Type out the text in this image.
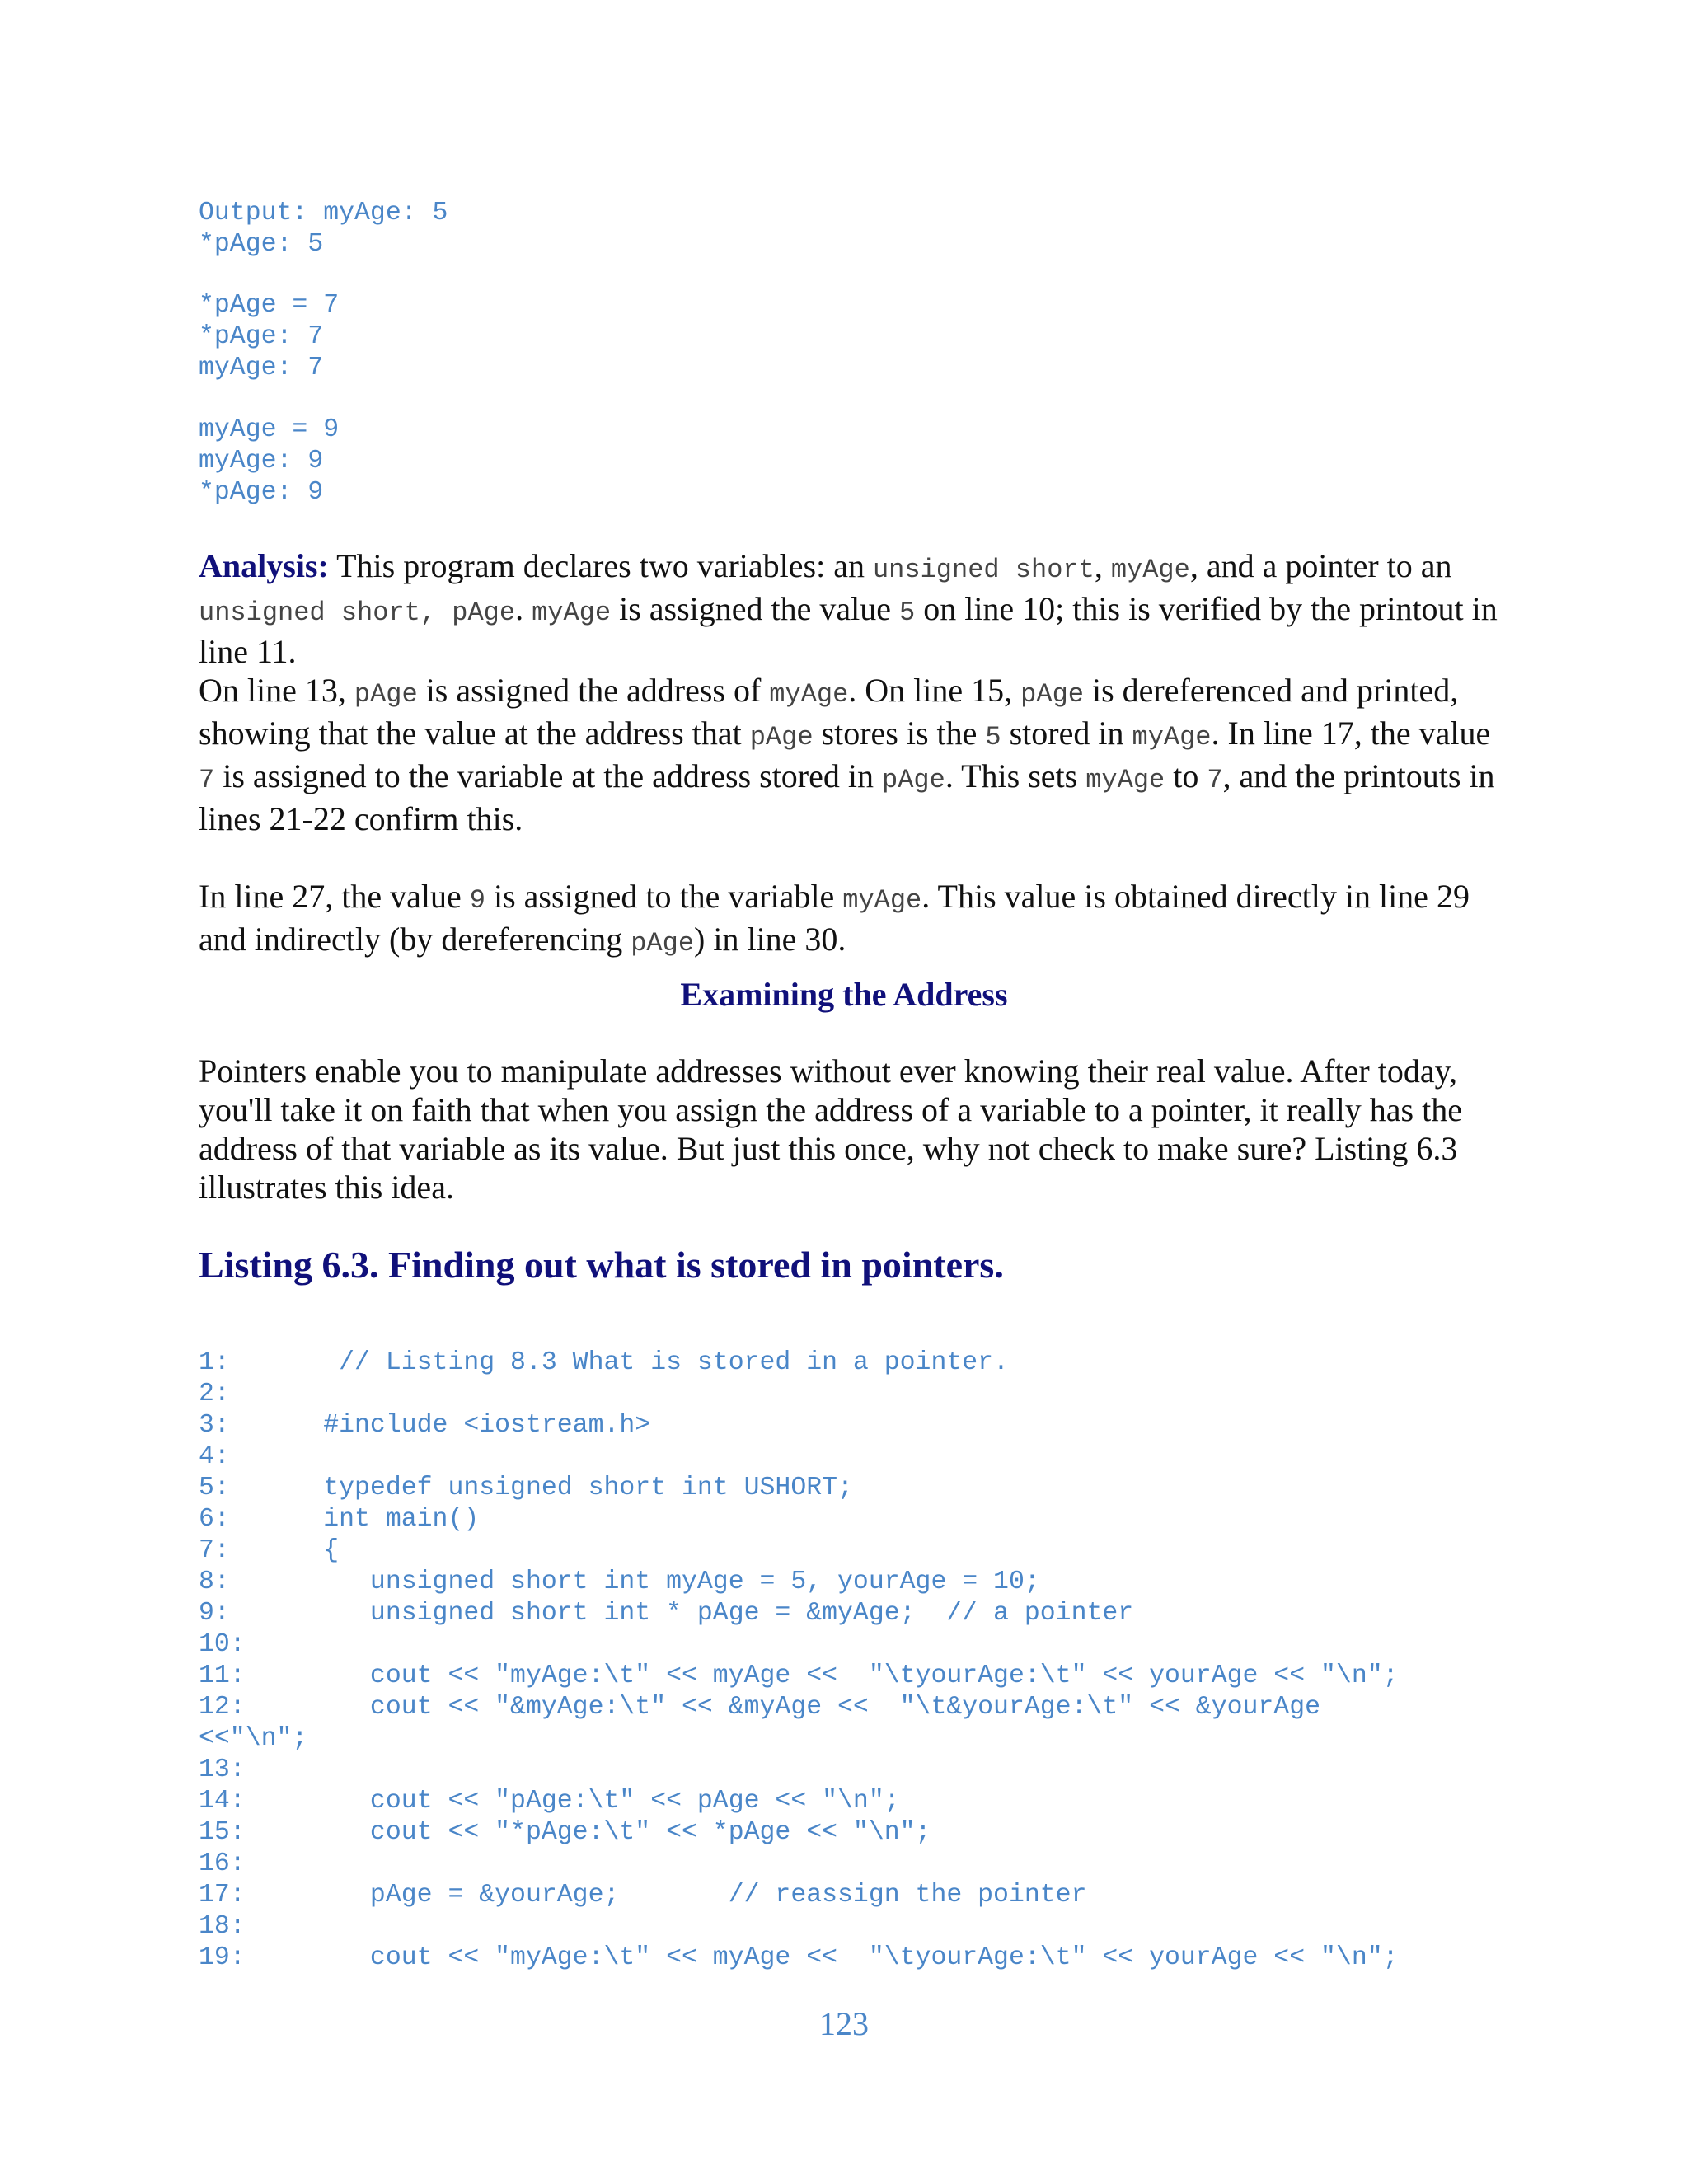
Output: myAge: 5
*pAge: 5
*pAge = 7
*pAge: 7
myAge: 7
myAge = 9
myAge: 9
*pAge: 9

Analysis: This program declares two variables: an unsigned short, myAge, and a pointer to an unsigned short, pAge. myAge is assigned the value 5 on line 10; this is verified by the printout in line 11.

On line 13, pAge is assigned the address of myAge. On line 15, pAge is dereferenced and printed, showing that the value at the address that pAge stores is the 5 stored in myAge. In line 17, the value 7 is assigned to the variable at the address stored in pAge. This sets myAge to 7, and the printouts in lines 21-22 confirm this.

In line 27, the value 9 is assigned to the variable myAge. This value is obtained directly in line 29 and indirectly (by dereferencing pAge) in line 30.

Examining the Address
Pointers enable you to manipulate addresses without ever knowing their real value. After today, you'll take it on faith that when you assign the address of a variable to a pointer, it really has the address of that variable as its value. But just this once, why not check to make sure? Listing 6.3 illustrates this idea.
Listing 6.3. Finding out what is stored in pointers.
1:       // Listing 8.3 What is stored in a pointer.
2:
3:      #include <iostream.h>
4:
5:      typedef unsigned short int USHORT;
6:      int main()
7:      {
8:         unsigned short int myAge = 5, yourAge = 10;
9:         unsigned short int * pAge = &myAge;  // a pointer
10:
11:        cout << "myAge:\t" << myAge <<  "\tyourAge:\t" << yourAge << "\n";
12:        cout << "&myAge:\t" << &myAge <<  "\t&yourAge:\t" << &yourAge
<<"\n";
13:
14:        cout << "pAge:\t" << pAge << "\n";
15:        cout << "*pAge:\t" << *pAge << "\n";
16:
17:        pAge = &yourAge;       // reassign the pointer
18:
19:        cout << "myAge:\t" << myAge <<  "\tyourAge:\t" << yourAge << "\n";
123
